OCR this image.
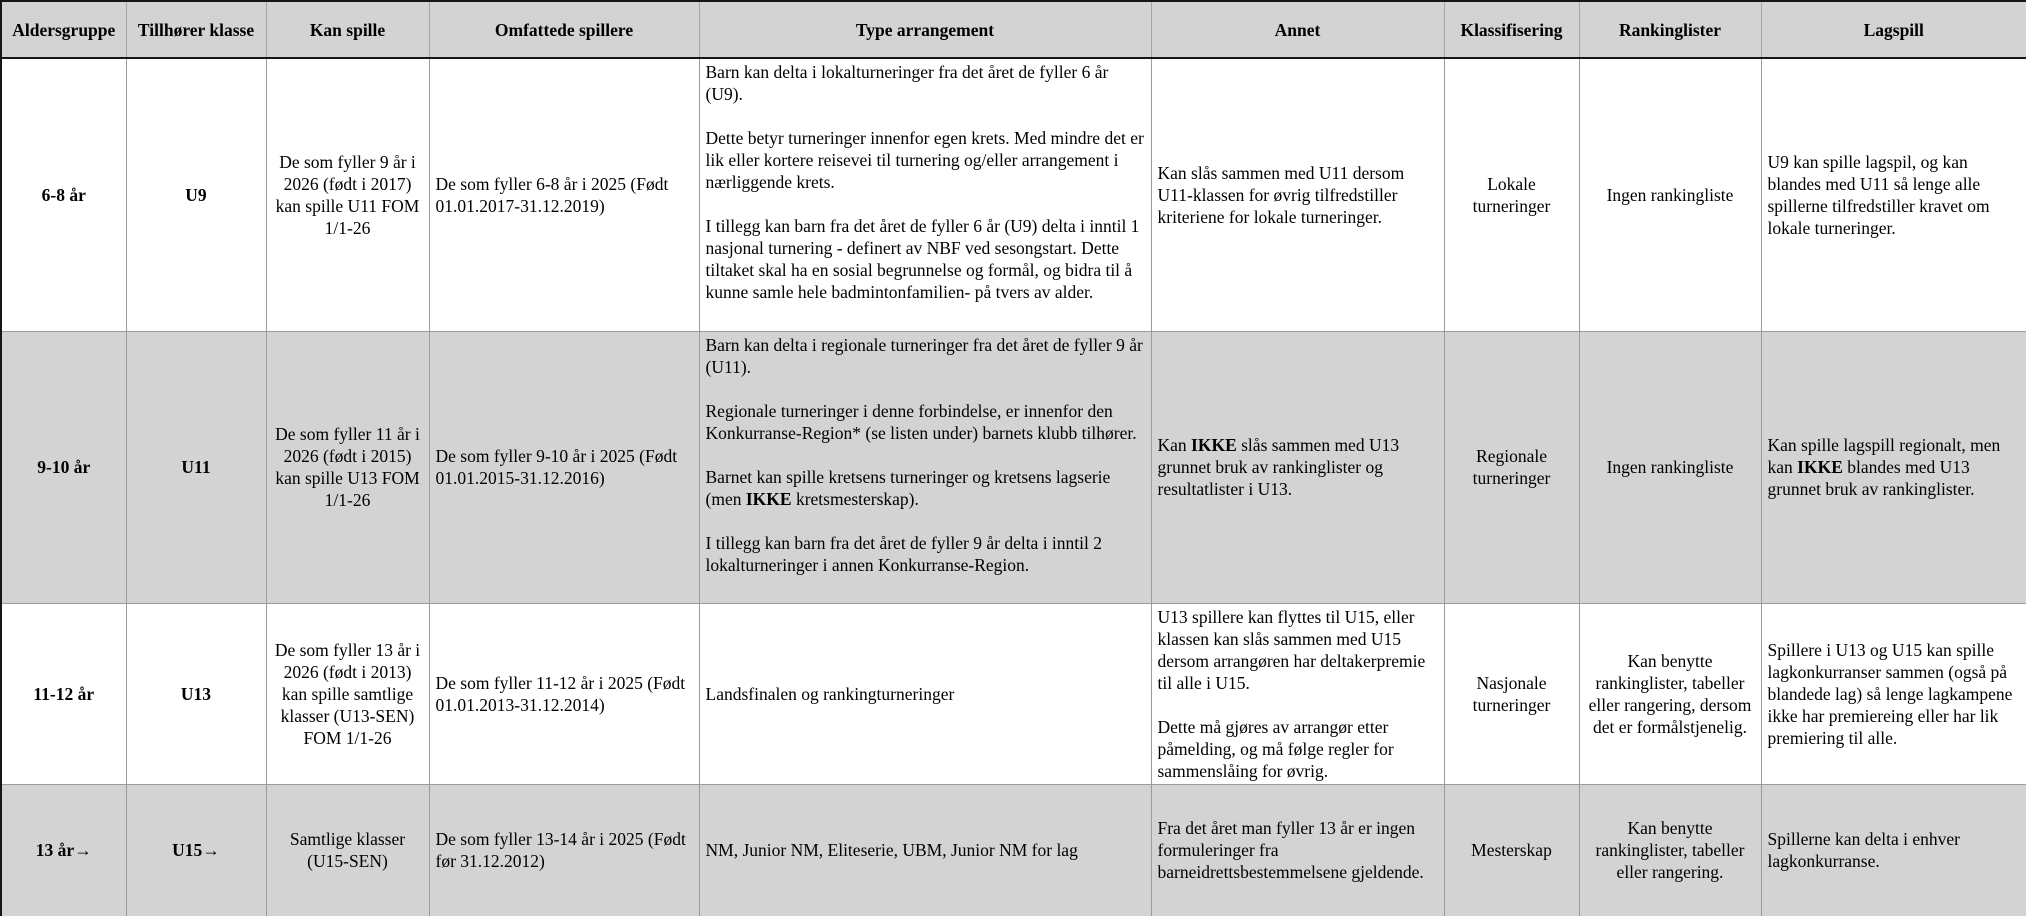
Aldersgruppe	Tillhører klasse	Kan spille	Omfattede spillere	Type arrangement	Annet	Klassifisering	Rankinglister	Lagspill
6-8 år	U9	De som fyller 9 år i 2026 (født i 2017) kan spille U11 FOM 1/1-26	De som fyller 6-8 år i 2025 (Født 01.01.2017-31.12.2019)	Barn kan delta i lokalturneringer fra det året de fyller 6 år (U9).

Dette betyr turneringer innenfor egen krets. Med mindre det er lik eller kortere reisevei til turnering og/eller arrangement i nærliggende krets.

I tillegg kan barn fra det året de fyller 6 år (U9) delta i inntil 1 nasjonal turnering - definert av NBF ved sesongstart. Dette tiltaket skal ha en sosial begrunnelse og formål, og bidra til å kunne samle hele badmintonfamilien- på tvers av alder.	Kan slås sammen med U11 dersom U11-klassen for øvrig tilfredstiller kriteriene for lokale turneringer.	Lokale turneringer	Ingen rankingliste	U9 kan spille lagspil, og kan blandes med U11 så lenge alle spillerne tilfredstiller kravet om lokale turneringer.

9-10 år	U11	De som fyller 11 år i 2026 (født i 2015) kan spille U13 FOM 1/1-26	De som fyller 9-10 år i 2025 (Født 01.01.2015-31.12.2016)	Barn kan delta i regionale turneringer fra det året de fyller 9 år (U11).

Regionale turneringer i denne forbindelse, er innenfor den Konkurranse-Region* (se listen under) barnets klubb tilhører.

Barnet kan spille kretsens turneringer og kretsens lagserie (men IKKE kretsmesterskap).

I tillegg kan barn fra det året de fyller 9 år delta i inntil 2 lokalturneringer i annen Konkurranse-Region.	Kan IKKE slås sammen med U13 grunnet bruk av rankinglister og resultatlister i U13.	Regionale turneringer	Ingen rankingliste	Kan spille lagspill regionalt, men kan IKKE blandes med U13 grunnet bruk av rankinglister.

11-12 år	U13	De som fyller 13 år i 2026 (født i 2013) kan spille samtlige klasser (U13-SEN) FOM 1/1-26	De som fyller 11-12 år i 2025 (Født 01.01.2013-31.12.2014)	Landsfinalen og rankingturneringer	U13 spillere kan flyttes til U15, eller klassen kan slås sammen med U15 dersom arrangøren har deltakerpremie til alle i U15.

Dette må gjøres av arrangør etter påmelding, og må følge regler for sammenslåing for øvrig.	Nasjonale turneringer	Kan benytte rankinglister, tabeller eller rangering, dersom det er formålstjenelig.	Spillere i U13 og U15 kan spille lagkonkurranser sammen (også på blandede lag) så lenge lagkampene ikke har premiereing eller har lik premiering til alle.

13 år→	U15→	Samtlige klasser (U15-SEN)	De som fyller 13-14 år i 2025 (Født før 31.12.2012)	NM, Junior NM, Eliteserie, UBM, Junior NM for lag	Fra det året man fyller 13 år er ingen formuleringer fra barneidrettsbestemmelsene gjeldende.	Mesterskap	Kan benytte rankinglister, tabeller eller rangering.	Spillerne kan delta i enhver lagkonkurranse.
